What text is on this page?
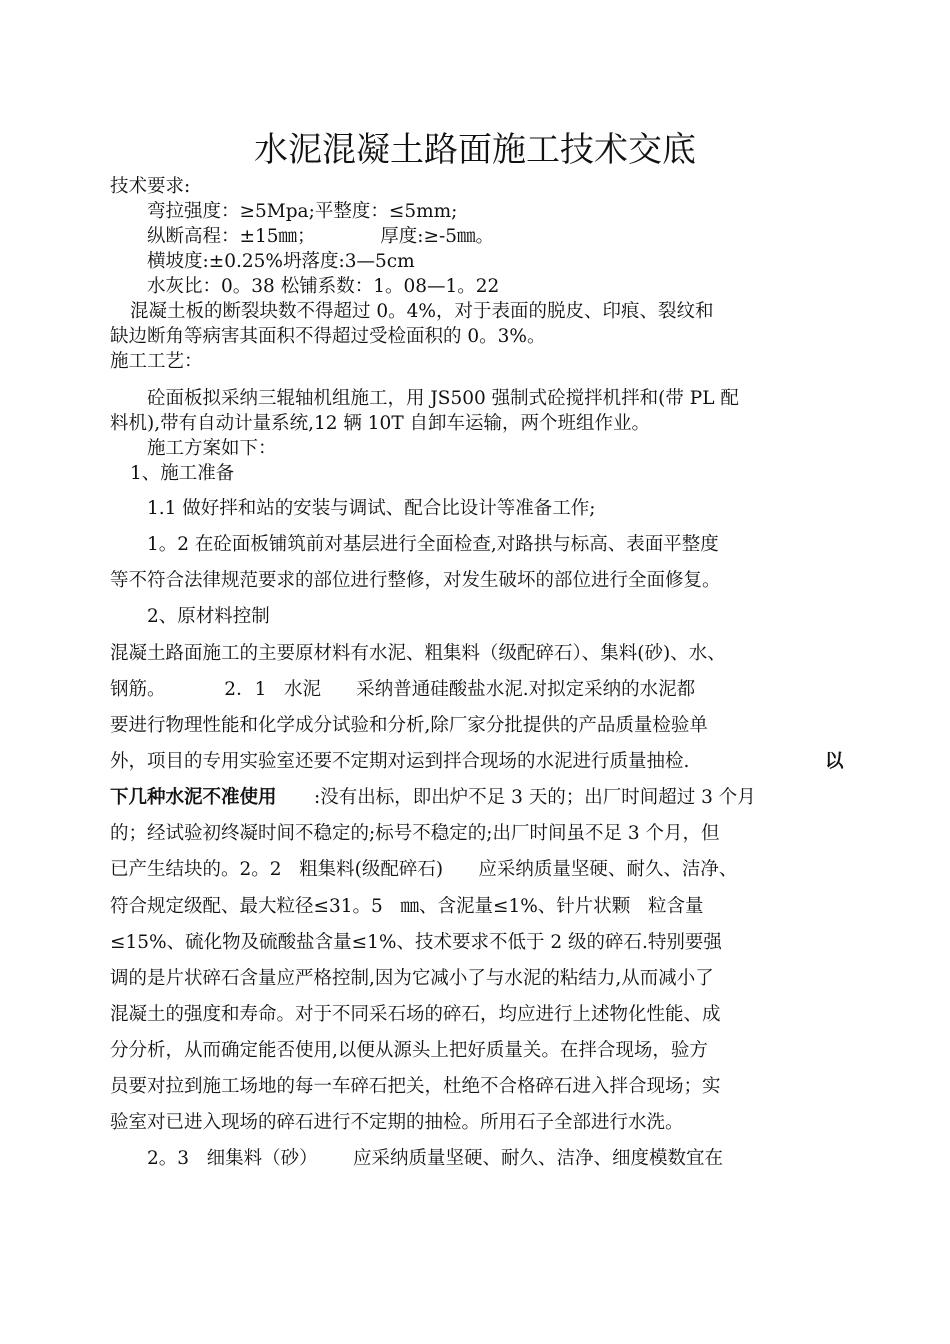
水泥混凝土路面施工技术交底
技术要求:
弯拉强度：≥5Mpa;平整度：≤5mm;
纵断高程：±15㎜；           厚度:≥-5㎜。
横坡度:±0.25%坍落度:3—5cm
水灰比：0。38 松铺系数：1。08—1。22
混凝土板的断裂块数不得超过 0。4%，对于表面的脱皮、印痕、裂纹和
缺边断角等病害其面积不得超过受检面积的 0。3%。
施工工艺：
砼面板拟采纳三辊轴机组施工，用 JS500 强制式砼搅拌机拌和(带 PL 配
料机),带有自动计量系统,12 辆 10T 自卸车运输，两个班组作业。
施工方案如下：
1、施工准备
1.1 做好拌和站的安装与调试、配合比设计等准备工作;
1。2 在砼面板铺筑前对基层进行全面检查,对路拱与标高、表面平整度
等不符合法律规范要求的部位进行整修，对发生破坏的部位进行全面修复。
2、原材料控制
混凝土路面施工的主要原材料有水泥、粗集料（级配碎石）、集料(砂)、水、
钢筋。          2．1   水泥      采纳普通硅酸盐水泥.对拟定采纳的水泥都
要进行物理性能和化学成分试验和分析,除厂家分批提供的产品质量检验单
外，项目的专用实验室还要不定期对运到拌合现场的水泥进行质量抽检.	以
下几种水泥不准使用 :没有出标，即出炉不足 3 天的；出厂时间超过 3 个月
的；经试验初终凝时间不稳定的;标号不稳定的;出厂时间虽不足 3 个月，但
已产生结块的。2。2   粗集料(级配碎石)      应采纳质量坚硬、耐久、洁净、
符合规定级配、最大粒径≤31。5   ㎜、含泥量≤1%、针片状颗   粒含量
≤15%、硫化物及硫酸盐含量≤1%、技术要求不低于 2 级的碎石.特别要强
调的是片状碎石含量应严格控制,因为它减小了与水泥的粘结力,从而减小了
混凝土的强度和寿命。对于不同采石场的碎石，均应进行上述物化性能、成
分分析，从而确定能否使用,以便从源头上把好质量关。在拌合现场，验方
员要对拉到施工场地的每一车碎石把关，杜绝不合格碎石进入拌合现场；实
验室对已进入现场的碎石进行不定期的抽检。所用石子全部进行水洗。
2。3   细集料（砂）      应采纳质量坚硬、耐久、洁净、细度模数宜在
